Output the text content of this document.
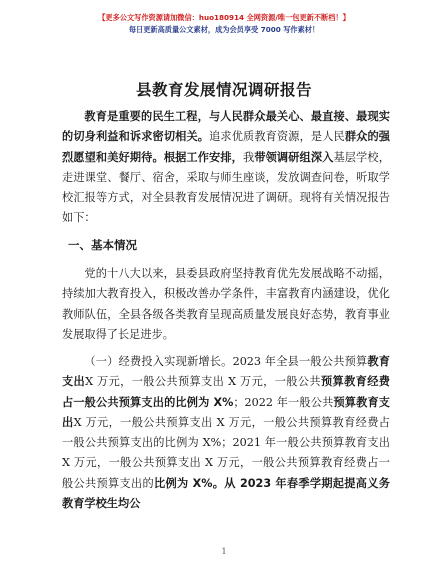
【更多公文写作资源请加微信：huo180914 全网资源/唯一包更新不断档！】
每日更新高质量公文素材，成为会员享受 7000 写作素材！
县教育发展情况调研报告
教育是重要的民生工程，与人民群众最关心、最直接、最现实的切身利益和诉求密切相关。追求优质教育资源，是人民群众的强烈愿望和美好期待。根据工作安排，我带领调研组深入基层学校，走进课堂、餐厅、宿舍，采取与师生座谈，发放调查问卷，听取学校汇报等方式，对全县教育发展情况进了调研。现将有关情况报告如下：
一、基本情况
党的十八大以来，县委县政府坚持教育优先发展战略不动摇，持续加大教育投入，积极改善办学条件，丰富教育内涵建设，优化教师队伍，全县各级各类教育呈现高质量发展良好态势，教育事业发展取得了长足进步。
（一）经费投入实现新增长。2023 年全县一般公共预算教育支出X 万元，一般公共预算支出 X 万元，一般公共预算教育经费占一般公共预算支出的比例为 X%；2022 年一般公共预算教育支出X 万元，一般公共预算支出 X 万元，一般公共预算教育经费占一般公共预算支出的比例为 X%；2021 年一般公共预算教育支出 X 万元，一般公共预算支出 X 万元，一般公共预算教育经费占一般公共预算支出的比例为 X%。从 2023 年春季学期起提高义务教育学校生均公
1
